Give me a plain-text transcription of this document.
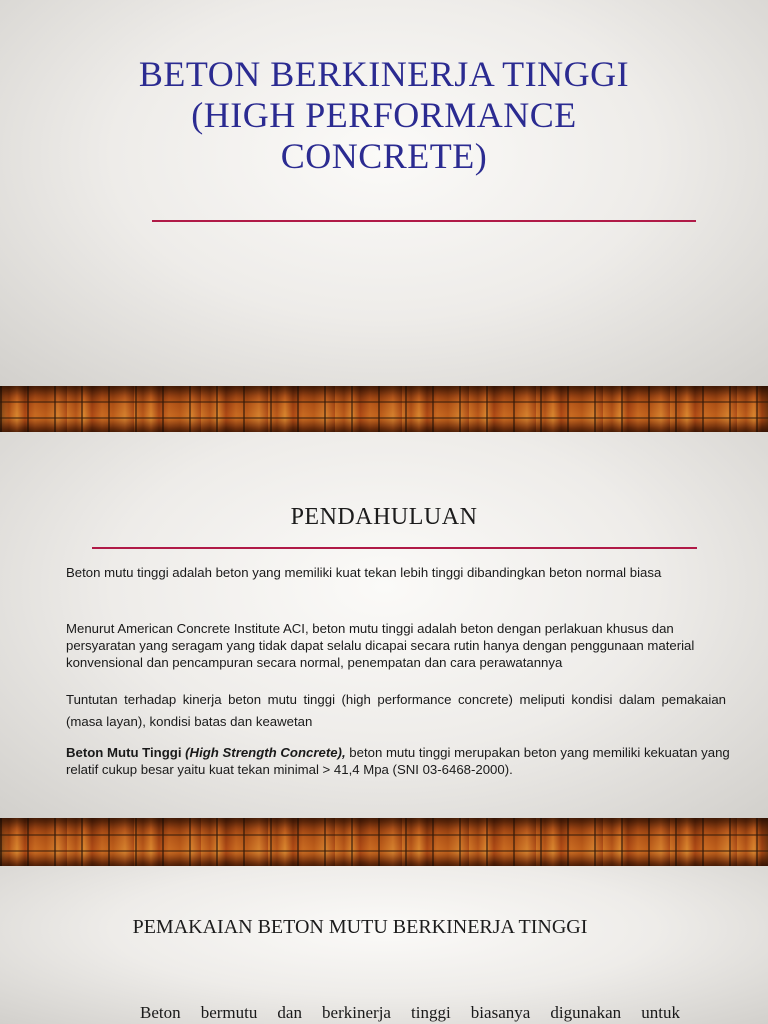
BETON BERKINERJA TINGGI (HIGH PERFORMANCE CONCRETE)
PENDAHULUAN

Beton mutu tinggi adalah beton yang memiliki kuat tekan lebih tinggi dibandingkan beton normal biasa

Menurut American Concrete Institute ACI, beton mutu tinggi adalah beton dengan perlakuan khusus dan persyaratan yang seragam yang tidak dapat selalu dicapai secara rutin hanya dengan penggunaan material konvensional dan pencampuran secara normal, penempatan dan cara perawatannya

Tuntutan terhadap kinerja beton mutu tinggi (high performance concrete) meliputi kondisi dalam pemakaian (masa layan), kondisi batas dan keawetan

Beton Mutu Tinggi (High Strength Concrete), beton mutu tinggi merupakan beton yang memiliki kekuatan yang relatif cukup besar yaitu kuat tekan minimal > 41,4 Mpa (SNI 03-6468-2000).

PEMAKAIAN BETON MUTU BERKINERJA TINGGI

Beton bermutu dan berkinerja tinggi biasanya digunakan untuk
